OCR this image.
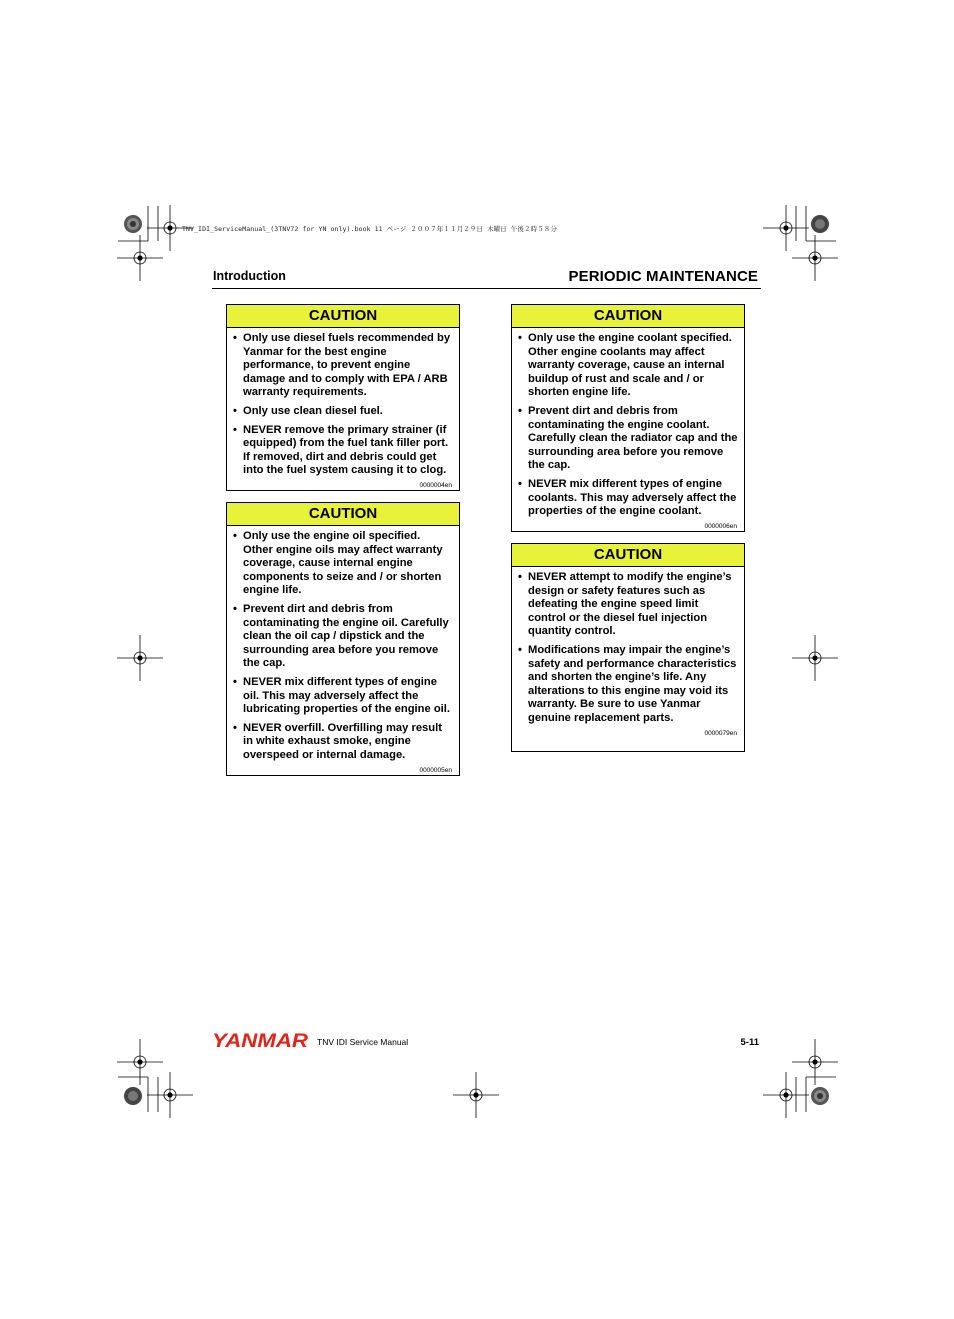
TNV_IDI_ServiceManual_(3TNV72 for YN only).book 11 ページ ２００７年１１月２９日 木曜日 午後２時５８分
Introduction	PERIODIC MAINTENANCE
CAUTION
• Only use diesel fuels recommended by Yanmar for the best engine performance, to prevent engine damage and to comply with EPA / ARB warranty requirements.
• Only use clean diesel fuel.
• NEVER remove the primary strainer (if equipped) from the fuel tank filler port. If removed, dirt and debris could get into the fuel system causing it to clog.
0000004en
CAUTION
• Only use the engine oil specified. Other engine oils may affect warranty coverage, cause internal engine components to seize and / or shorten engine life.
• Prevent dirt and debris from contaminating the engine oil. Carefully clean the oil cap / dipstick and the surrounding area before you remove the cap.
• NEVER mix different types of engine oil. This may adversely affect the lubricating properties of the engine oil.
• NEVER overfill. Overfilling may result in white exhaust smoke, engine overspeed or internal damage.
0000005en
CAUTION
• Only use the engine coolant specified. Other engine coolants may affect warranty coverage, cause an internal buildup of rust and scale and / or shorten engine life.
• Prevent dirt and debris from contaminating the engine coolant. Carefully clean the radiator cap and the surrounding area before you remove the cap.
• NEVER mix different types of engine coolants. This may adversely affect the properties of the engine coolant.
0000006en
CAUTION
• NEVER attempt to modify the engine’s design or safety features such as defeating the engine speed limit control or the diesel fuel injection quantity control.
• Modifications may impair the engine’s safety and performance characteristics and shorten the engine’s life. Any alterations to this engine may void its warranty. Be sure to use Yanmar genuine replacement parts.
0000079en
YANMAR TNV IDI Service Manual	5-11
